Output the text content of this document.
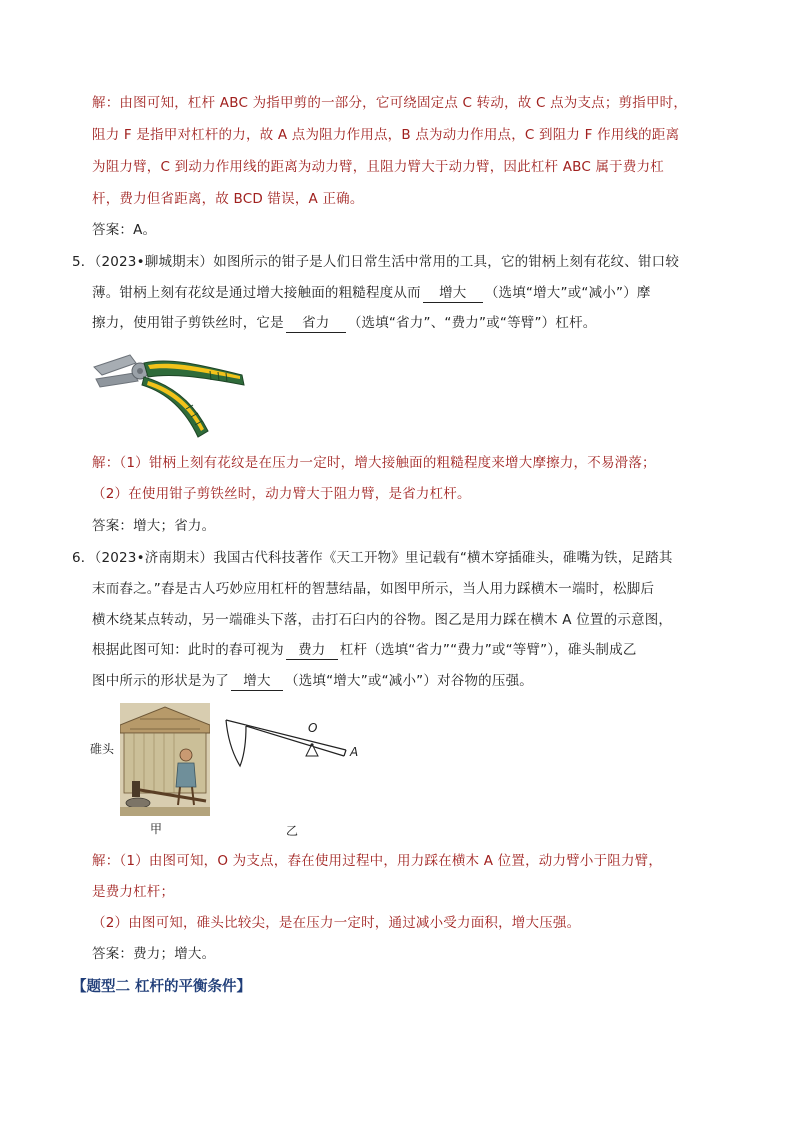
解：由图可知，杠杆 ABC 为指甲剪的一部分，它可绕固定点 C 转动，故 C 点为支点；剪指甲时，
阻力 F 是指甲对杠杆的力，故 A 点为阻力作用点，B 点为动力作用点，C 到阻力 F 作用线的距离
为阻力臂，C 到动力作用线的距离为动力臂，且阻力臂大于动力臂，因此杠杆 ABC 属于费力杠
杆，费力但省距离，故 BCD 错误，A 正确。
答案：A。
5．（2023•聊城期末）如图所示的钳子是人们日常生活中常用的工具，它的钳柄上刻有花纹、钳口较
薄。钳柄上刻有花纹是通过增大接触面的粗糙程度从而 增大 （选填“增大”或“减小”）摩
擦力，使用钳子剪铁丝时，它是 省力 （选填“省力”、“费力”或“等臂”）杠杆。
解：（1）钳柄上刻有花纹是在压力一定时，增大接触面的粗糙程度来增大摩擦力，不易滑落；
（2）在使用钳子剪铁丝时，动力臂大于阻力臂，是省力杠杆。
答案：增大；省力。
6．（2023•济南期末）我国古代科技著作《天工开物》里记载有“横木穿插碓头，碓嘴为铁，足踏其
末而舂之。”舂是古人巧妙应用杠杆的智慧结晶，如图甲所示，当人用力踩横木一端时，松脚后
横木绕某点转动，另一端碓头下落，击打石臼内的谷物。图乙是用力踩在横木 A 位置的示意图，
根据此图可知：此时的舂可视为 费力 杠杆（选填“省力”“费力”或“等臂”），碓头制成乙
图中所示的形状是为了 增大 （选填“增大”或“减小”）对谷物的压强。
碓头
甲
O
A
乙
解：（1）由图可知，O 为支点，舂在使用过程中，用力踩在横木 A 位置，动力臂小于阻力臂，
是费力杠杆；
（2）由图可知，碓头比较尖，是在压力一定时，通过减小受力面积，增大压强。
答案：费力；增大。
【题型二 杠杆的平衡条件】
